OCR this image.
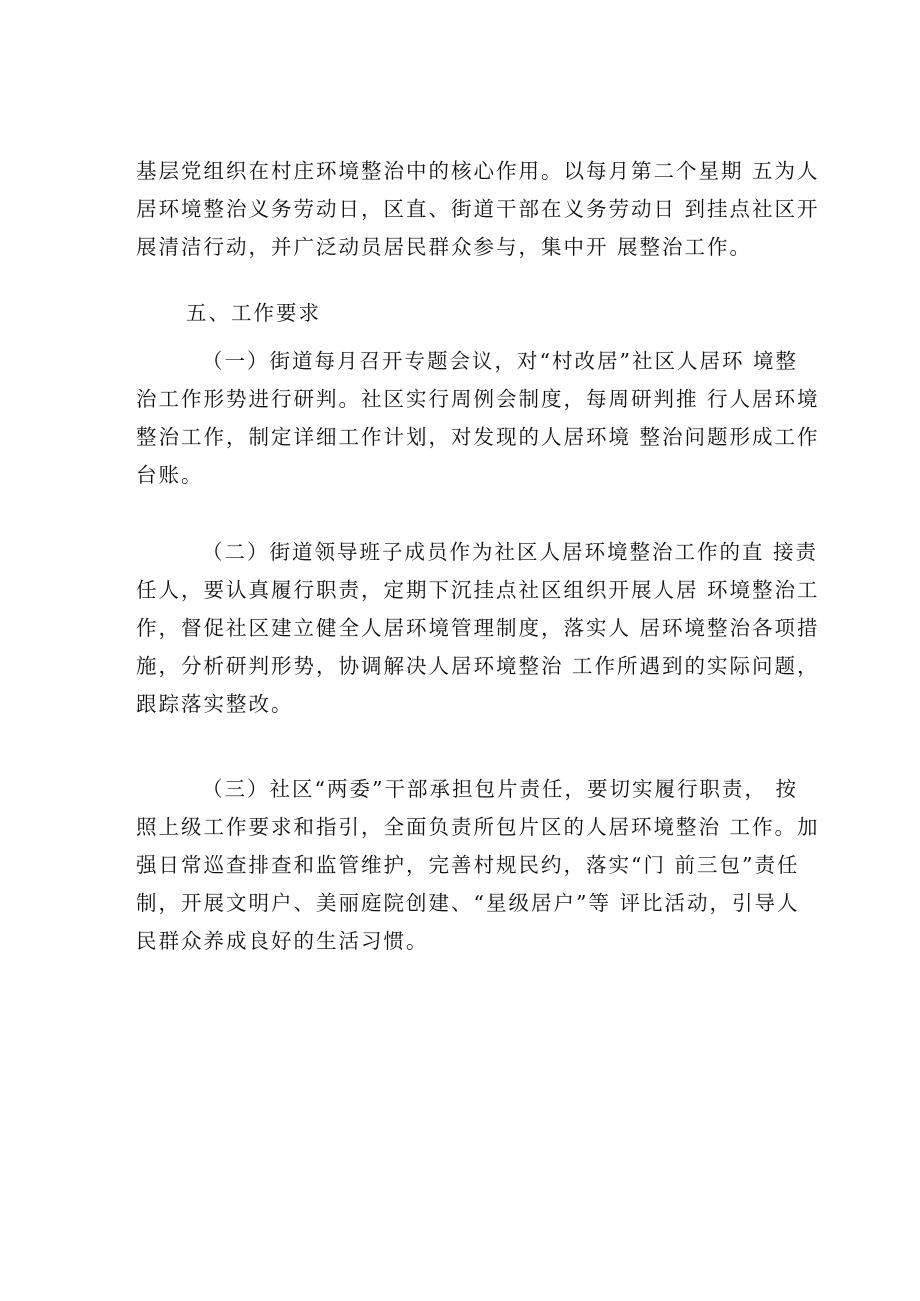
基层党组织在村庄环境整治中的核心作用。以每月第二个星期 五为人
居环境整治义务劳动日，区直、街道干部在义务劳动日 到挂点社区开
展清洁行动，并广泛动员居民群众参与，集中开 展整治工作。
五、工作要求
（一）街道每月召开专题会议，对“村改居”社区人居环 境整
治工作形势进行研判。社区实行周例会制度，每周研判推 行人居环境
整治工作，制定详细工作计划，对发现的人居环境 整治问题形成工作
台账。
（二）街道领导班子成员作为社区人居环境整治工作的直 接责
任人，要认真履行职责，定期下沉挂点社区组织开展人居 环境整治工
作，督促社区建立健全人居环境管理制度，落实人 居环境整治各项措
施，分析研判形势，协调解决人居环境整治 工作所遇到的实际问题，
跟踪落实整改。
（三）社区“两委”干部承担包片责任，要切实履行职责， 按
照上级工作要求和指引，全面负责所包片区的人居环境整治 工作。加
强日常巡查排查和监管维护，完善村规民约，落实“门 前三包”责任
制，开展文明户、美丽庭院创建、“星级居户”等 评比活动，引导人
民群众养成良好的生活习惯。
